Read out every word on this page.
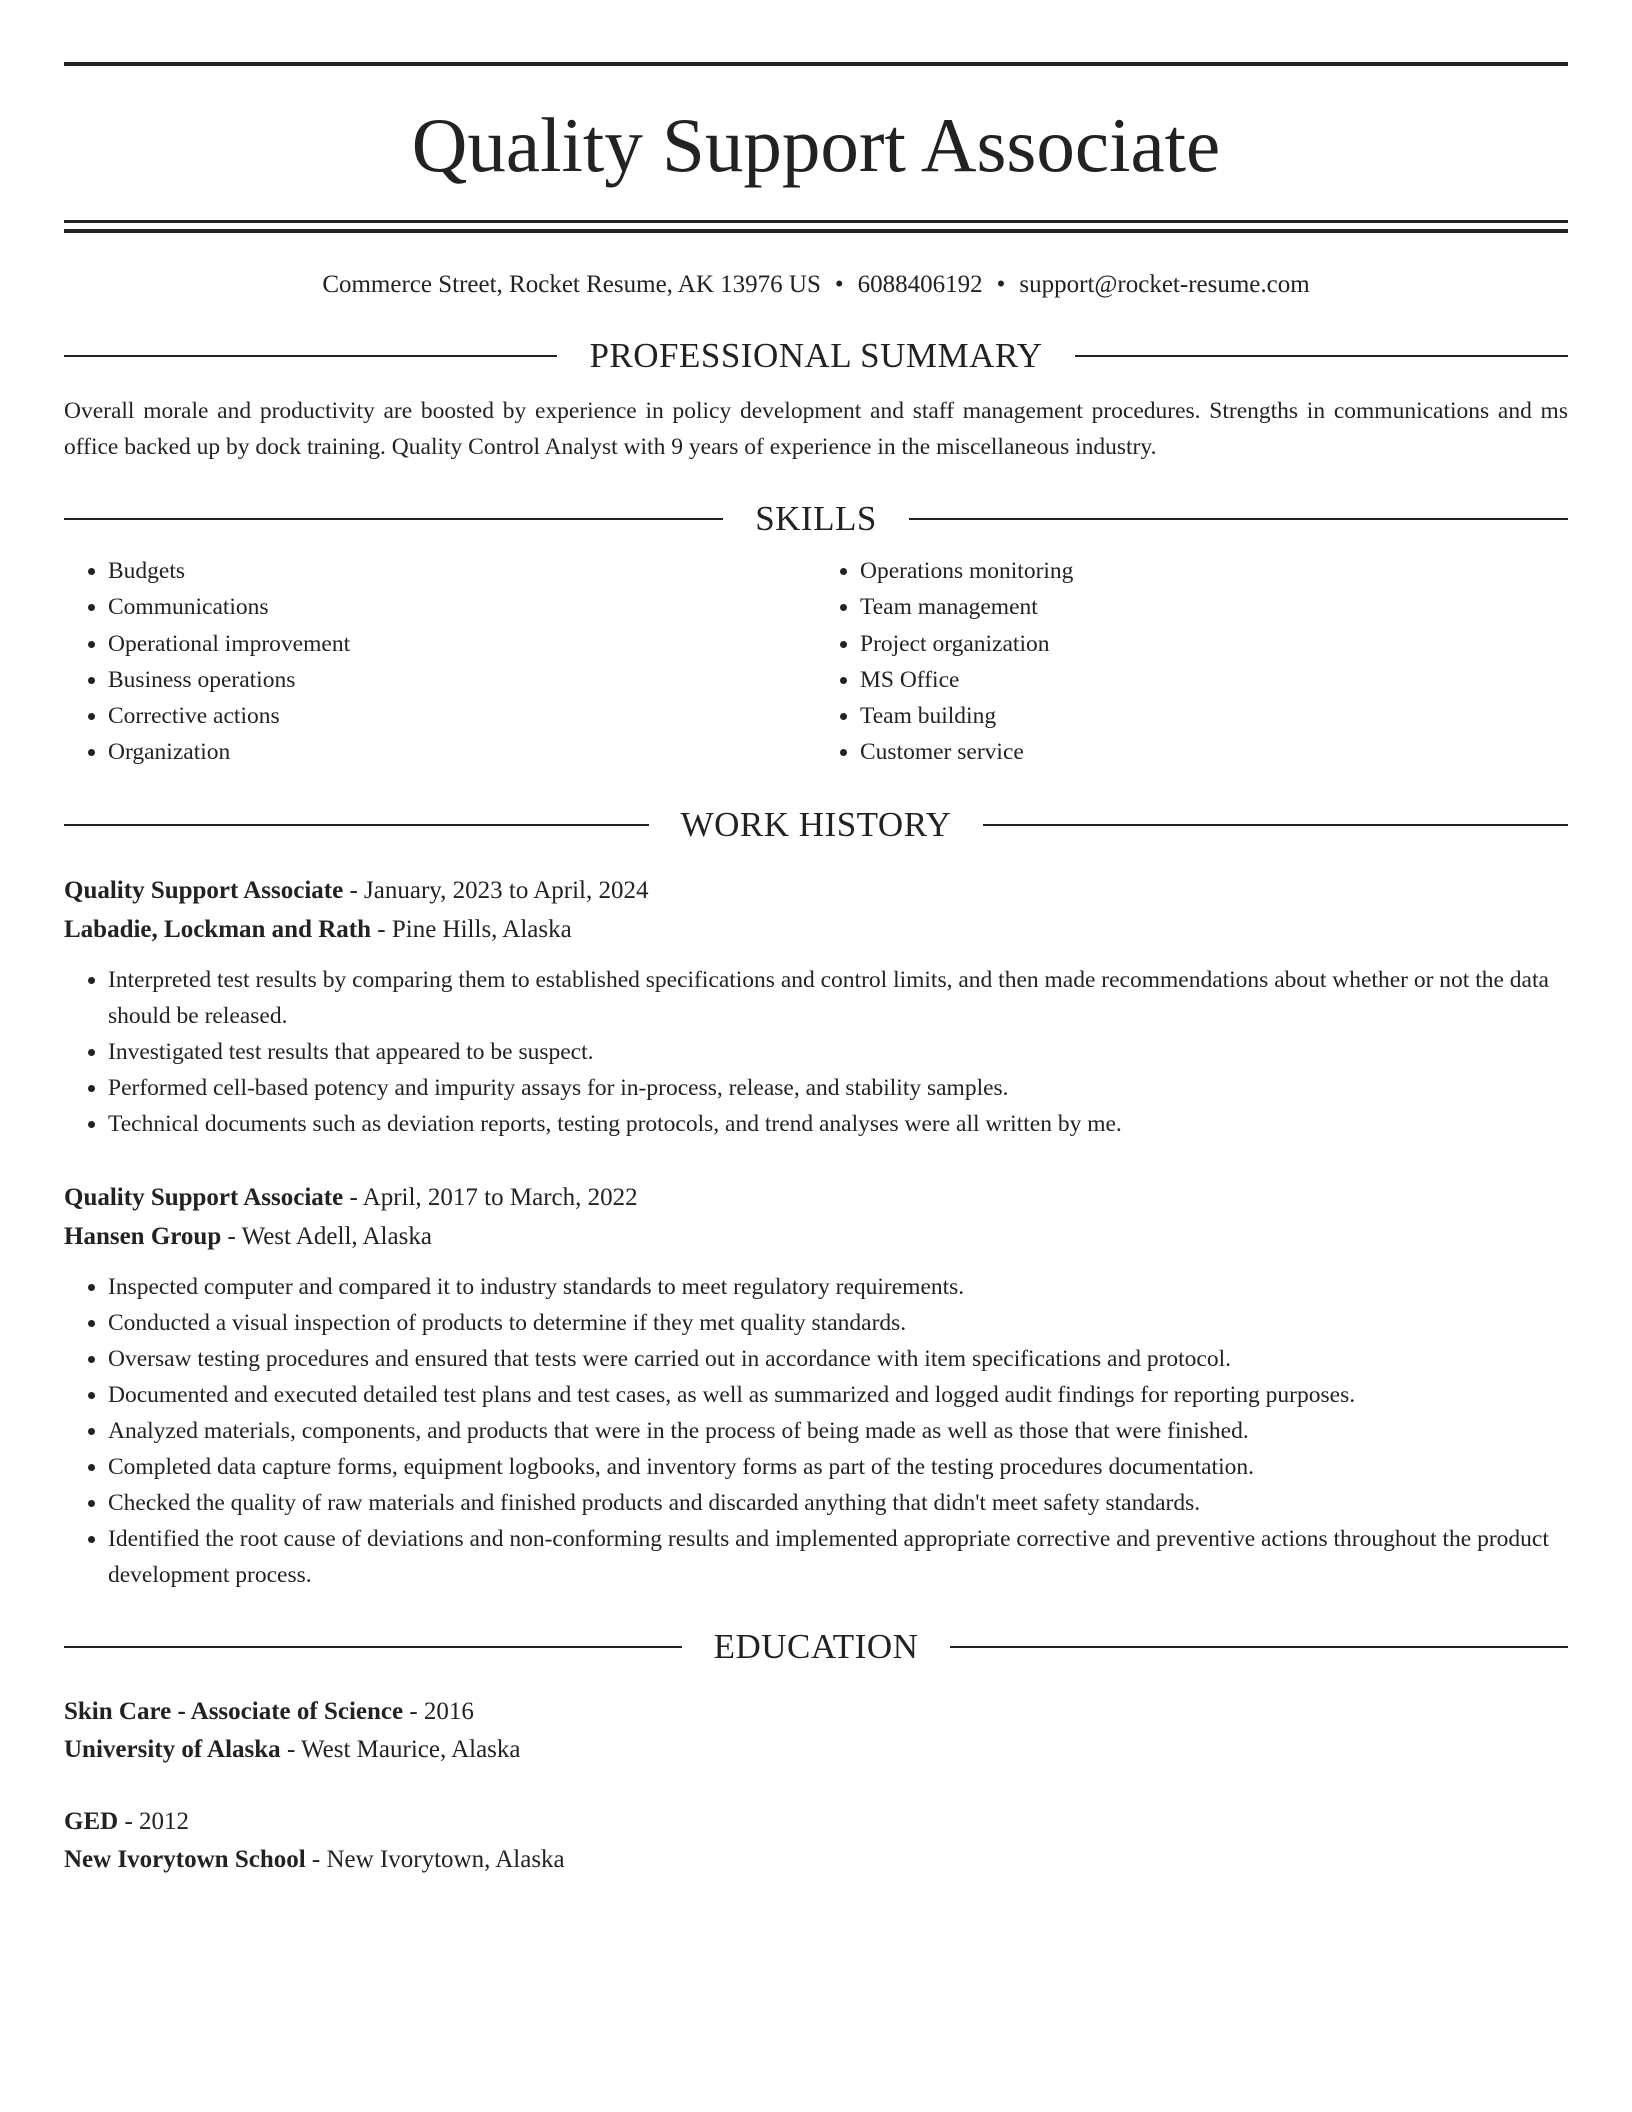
Quality Support Associate
Commerce Street, Rocket Resume, AK 13976 US • 6088406192 • support@rocket-resume.com
PROFESSIONAL SUMMARY
Overall morale and productivity are boosted by experience in policy development and staff management procedures. Strengths in communications and ms office backed up by dock training. Quality Control Analyst with 9 years of experience in the miscellaneous industry.
SKILLS
• Budgets
• Communications
• Operational improvement
• Business operations
• Corrective actions
• Organization
• Operations monitoring
• Team management
• Project organization
• MS Office
• Team building
• Customer service
WORK HISTORY
Quality Support Associate - January, 2023 to April, 2024
Labadie, Lockman and Rath - Pine Hills, Alaska
• Interpreted test results by comparing them to established specifications and control limits, and then made recommendations about whether or not the data should be released.
• Investigated test results that appeared to be suspect.
• Performed cell-based potency and impurity assays for in-process, release, and stability samples.
• Technical documents such as deviation reports, testing protocols, and trend analyses were all written by me.
Quality Support Associate - April, 2017 to March, 2022
Hansen Group - West Adell, Alaska
• Inspected computer and compared it to industry standards to meet regulatory requirements.
• Conducted a visual inspection of products to determine if they met quality standards.
• Oversaw testing procedures and ensured that tests were carried out in accordance with item specifications and protocol.
• Documented and executed detailed test plans and test cases, as well as summarized and logged audit findings for reporting purposes.
• Analyzed materials, components, and products that were in the process of being made as well as those that were finished.
• Completed data capture forms, equipment logbooks, and inventory forms as part of the testing procedures documentation.
• Checked the quality of raw materials and finished products and discarded anything that didn't meet safety standards.
• Identified the root cause of deviations and non-conforming results and implemented appropriate corrective and preventive actions throughout the product development process.
EDUCATION
Skin Care - Associate of Science - 2016
University of Alaska - West Maurice, Alaska
GED - 2012
New Ivorytown School - New Ivorytown, Alaska
